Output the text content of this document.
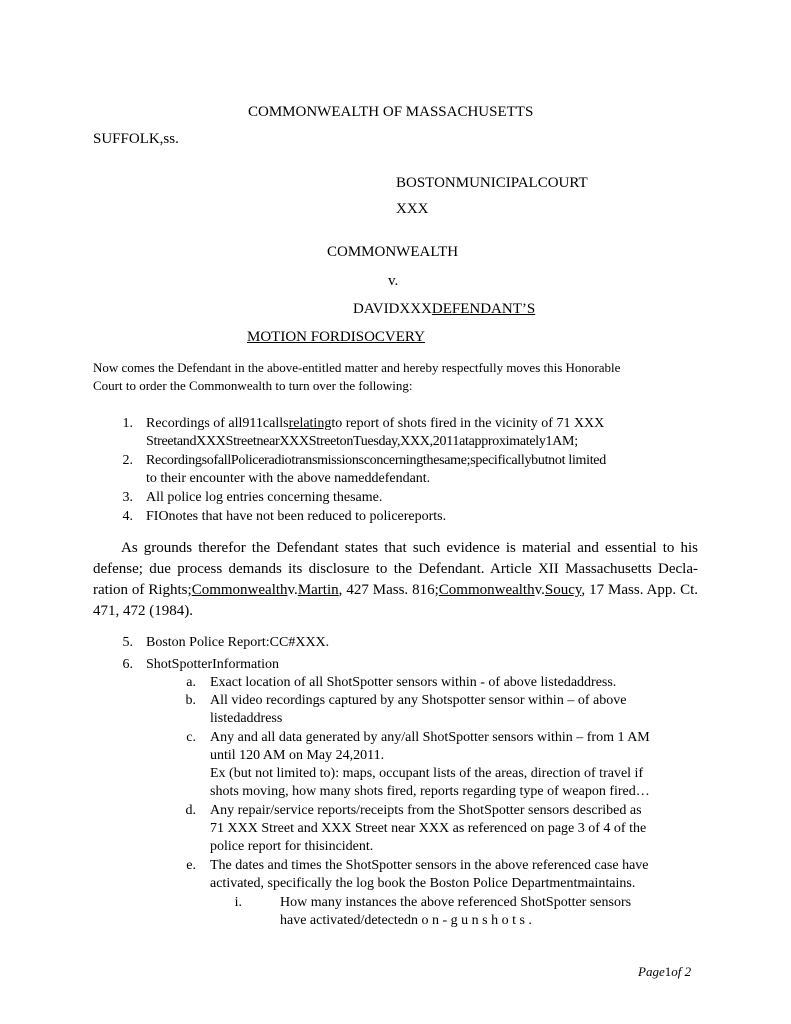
COMMONWEALTH OF MASSACHUSETTS
SUFFOLK,ss.
BOSTONMUNICIPALCOURT
XXX
COMMONWEALTH
v.
DAVIDXXXDEFENDANT’S
MOTION FORDISOCVERY
Now comes the Defendant in the above-entitled matter and hereby respectfully moves this Honorable
Court to order the Commonwealth to turn over the following:
1. Recordings of all911callsrelatingto report of shots fired in the vicinity of 71 XXX
StreetandXXXStreetnearXXXStreetonTuesday,XXX,2011atapproximately1AM;
2. RecordingsofallPoliceradiotransmissionsconcerningthesame;specificallybutnot limited
to their encounter with the above nameddefendant.
3. All police log entries concerning thesame.
4. FIOnotes that have not been reduced to policereports.
As grounds therefor the Defendant states that such evidence is material and essential to his defense; due process demands its disclosure to the Defendant. Article XII Massachusetts Decla-ration of Rights;Commonwealthv.Martin, 427 Mass. 816;Commonwealthv.Soucy, 17 Mass. App. Ct. 471, 472 (1984).
5. Boston Police Report:CC#XXX.
6. ShotSpotterInformation
a. Exact location of all ShotSpotter sensors within - of above listedaddress.
b. All video recordings captured by any Shotspotter sensor within – of above
listedaddress
c. Any and all data generated by any/all ShotSpotter sensors within – from 1 AM
until 120 AM on May 24,2011.
Ex (but not limited to): maps, occupant lists of the areas, direction of travel if
shots moving, how many shots fired, reports regarding type of weapon fired…
d. Any repair/service reports/receipts from the ShotSpotter sensors described as
71 XXX Street and XXX Street near XXX as referenced on page 3 of 4 of the
police report for thisincident.
e. The dates and times the ShotSpotter sensors in the above referenced case have
activated, specifically the log book the Boston Police Departmentmaintains.
i.	How many instances the above referenced ShotSpotter sensors
have activated/detectedn o n - g u n s h o t s .
Page1of 2
